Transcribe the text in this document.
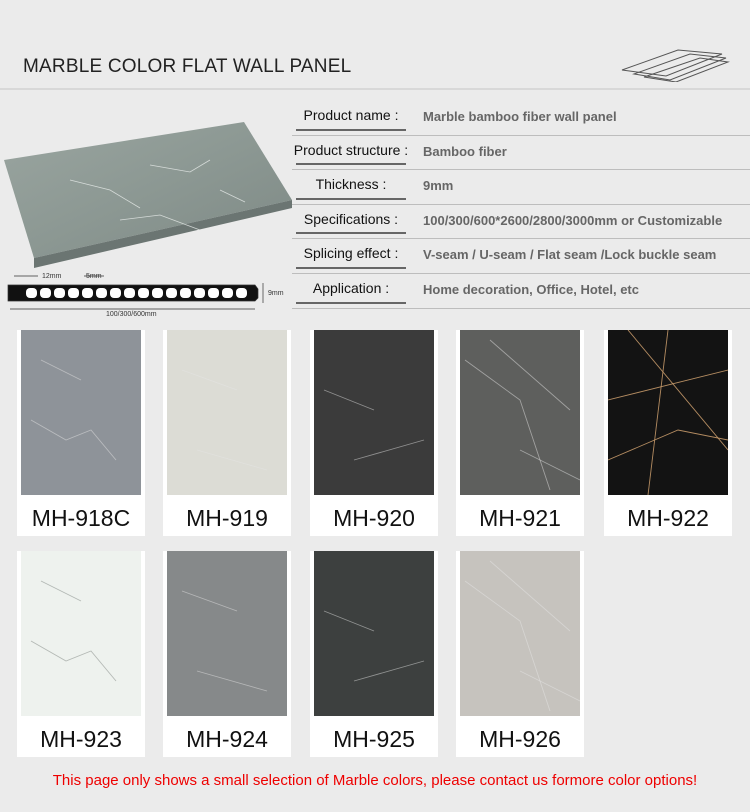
MARBLE COLOR FLAT WALL PANEL
12mm	5mm
9mm
100/300/600mm
Product name :	Marble bamboo fiber wall panel
Product structure : Bamboo fiber
Thickness :	9mm
Specifications :	100/300/600*2600/2800/3000mm or Customizable
Splicing effect :	V-seam / U-seam / Flat seam /Lock buckle seam
Application :	Home decoration, Office, Hotel, etc
MH-918C	MH-919	MH-920	MH-921	MH-922
MH-923	MH-924	MH-925	MH-926
This page only shows a small selection of Marble colors, please contact us formore color options!
